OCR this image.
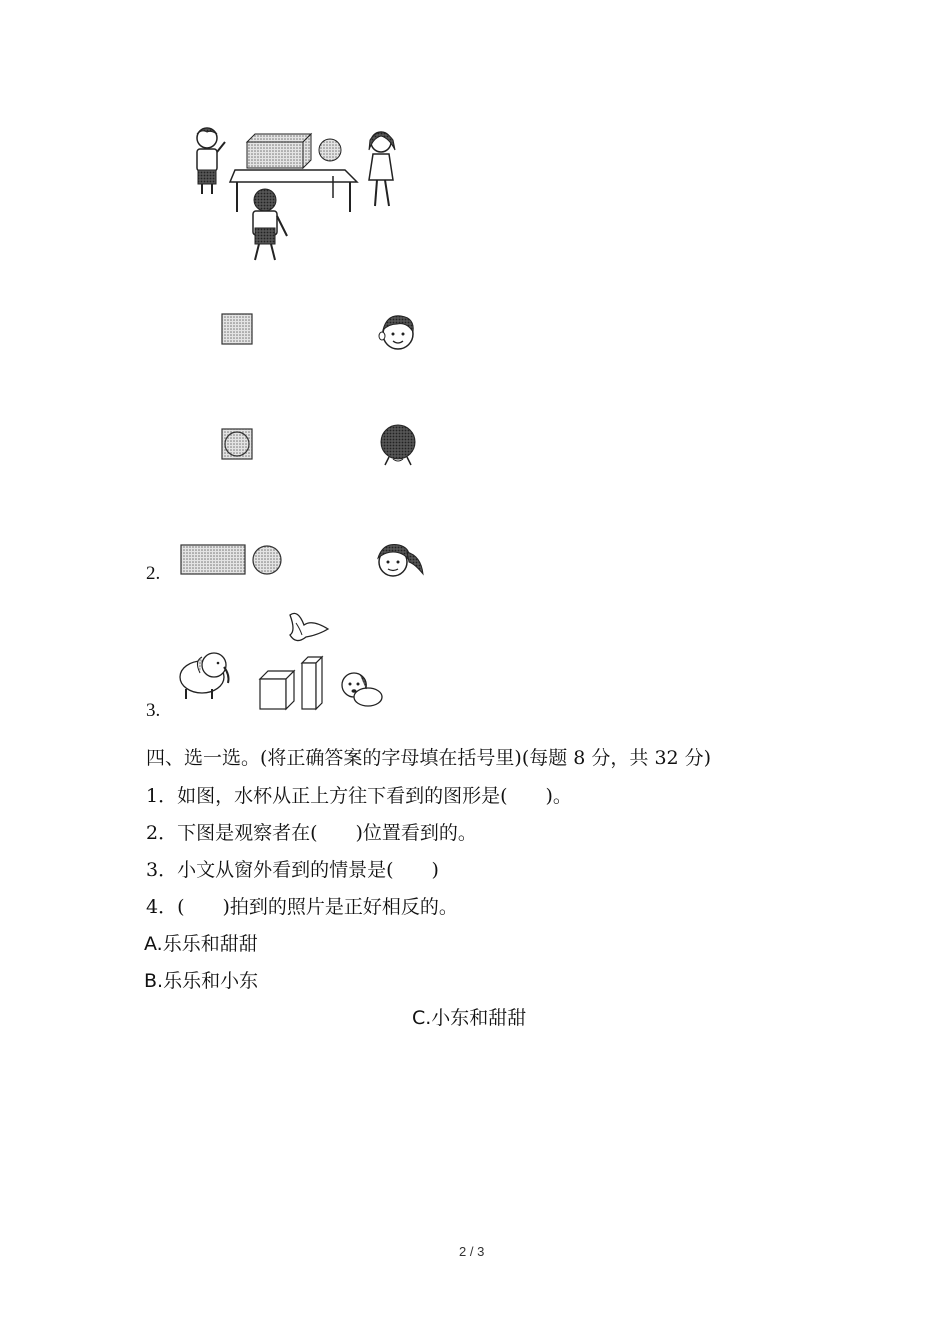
2.
3.
四、选一选。(将正确答案的字母填在括号里)(每题 8 分，共 32 分)
1．如图，水杯从正上方往下看到的图形是(　　)。
2．下图是观察者在(　　)位置看到的。
3．小文从窗外看到的情景是(　　)
4．(　　)拍到的照片是正好相反的。
A.乐乐和甜甜
B.乐乐和小东
C.小东和甜甜
2 / 3
